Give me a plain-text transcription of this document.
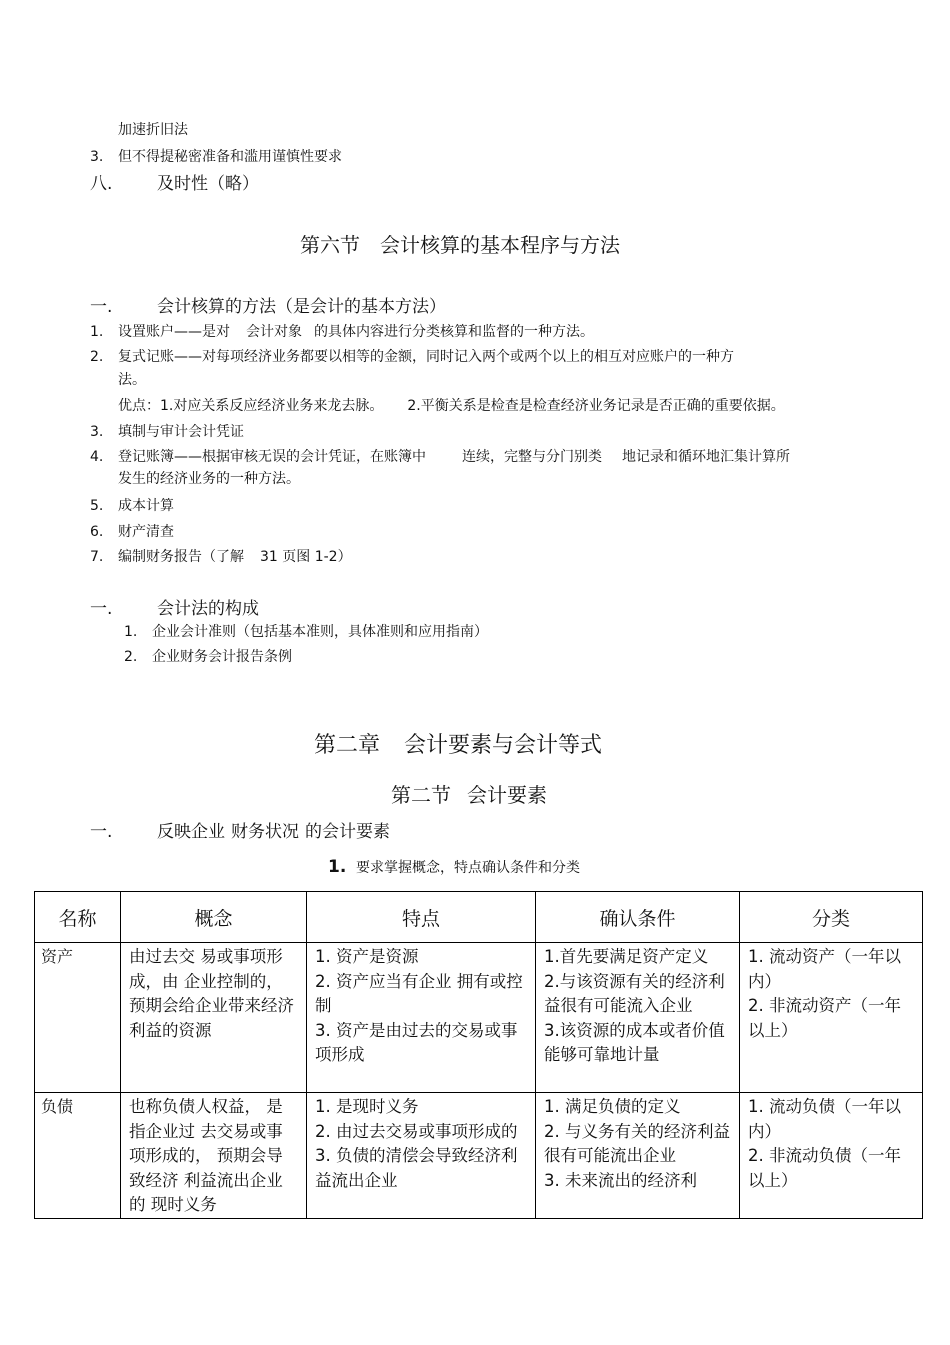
加速折旧法
3. 但不得提秘密准备和滥用谨慎性要求
八.	及时性（略）
第六节 会计核算的基本程序与方法
一.	会计核算的方法（是会计的基本方法）
1. 设置账户——是对 会计对象 的具体内容进行分类核算和监督的一种方法。
2. 复式记账——对每项经济业务都要以相等的金额，同时记入两个或两个以上的相互对应账户的一种方
法。
优点：1.对应关系反应经济业务来龙去脉。 2.平衡关系是检查是检查经济业务记录是否正确的重要依据。
3. 填制与审计会计凭证
4. 登记账簿——根据审核无误的会计凭证，在账簿中	连续，完整与分门别类 地记录和循环地汇集计算所
发生的经济业务的一种方法。
5. 成本计算
6. 财产清查
7. 编制财务报告（了解 31 页图 1-2）
一.	会计法的构成
1. 企业会计准则（包括基本准则，具体准则和应用指南）
2. 企业财务会计报告条例
第二章 会计要素与会计等式
第二节 会计要素
一.	反映企业 财务状况 的会计要素
1. 要求掌握概念，特点确认条件和分类
名称	概念	特点	确认条件	分类
资产	由过去交 易或事项形成，由 企业控制的，预期会给企业带来经济利益的资源	1. 资产是资源
2. 资产应当有企业 拥有或控制
3. 资产是由过去的交易或事项形成	1.首先要满足资产定义
2.与该资源有关的经济利益很有可能流入企业
3.该资源的成本或者价值能够可靠地计量	1. 流动资产（一年以内）
2. 非流动资产（一年以上）

负债	也称负债人权益， 是指企业过 去交易或事项形成的， 预期会导致经济 利益流出企业的 现时义务	1. 是现时义务
2. 由过去交易或事项形成的
3. 负债的清偿会导致经济利益流出企业	1. 满足负债的定义
2. 与义务有关的经济利益很有可能流出企业
3. 未来流出的经济利	1. 流动负债（一年以内）
2. 非流动负债（一年以上）
